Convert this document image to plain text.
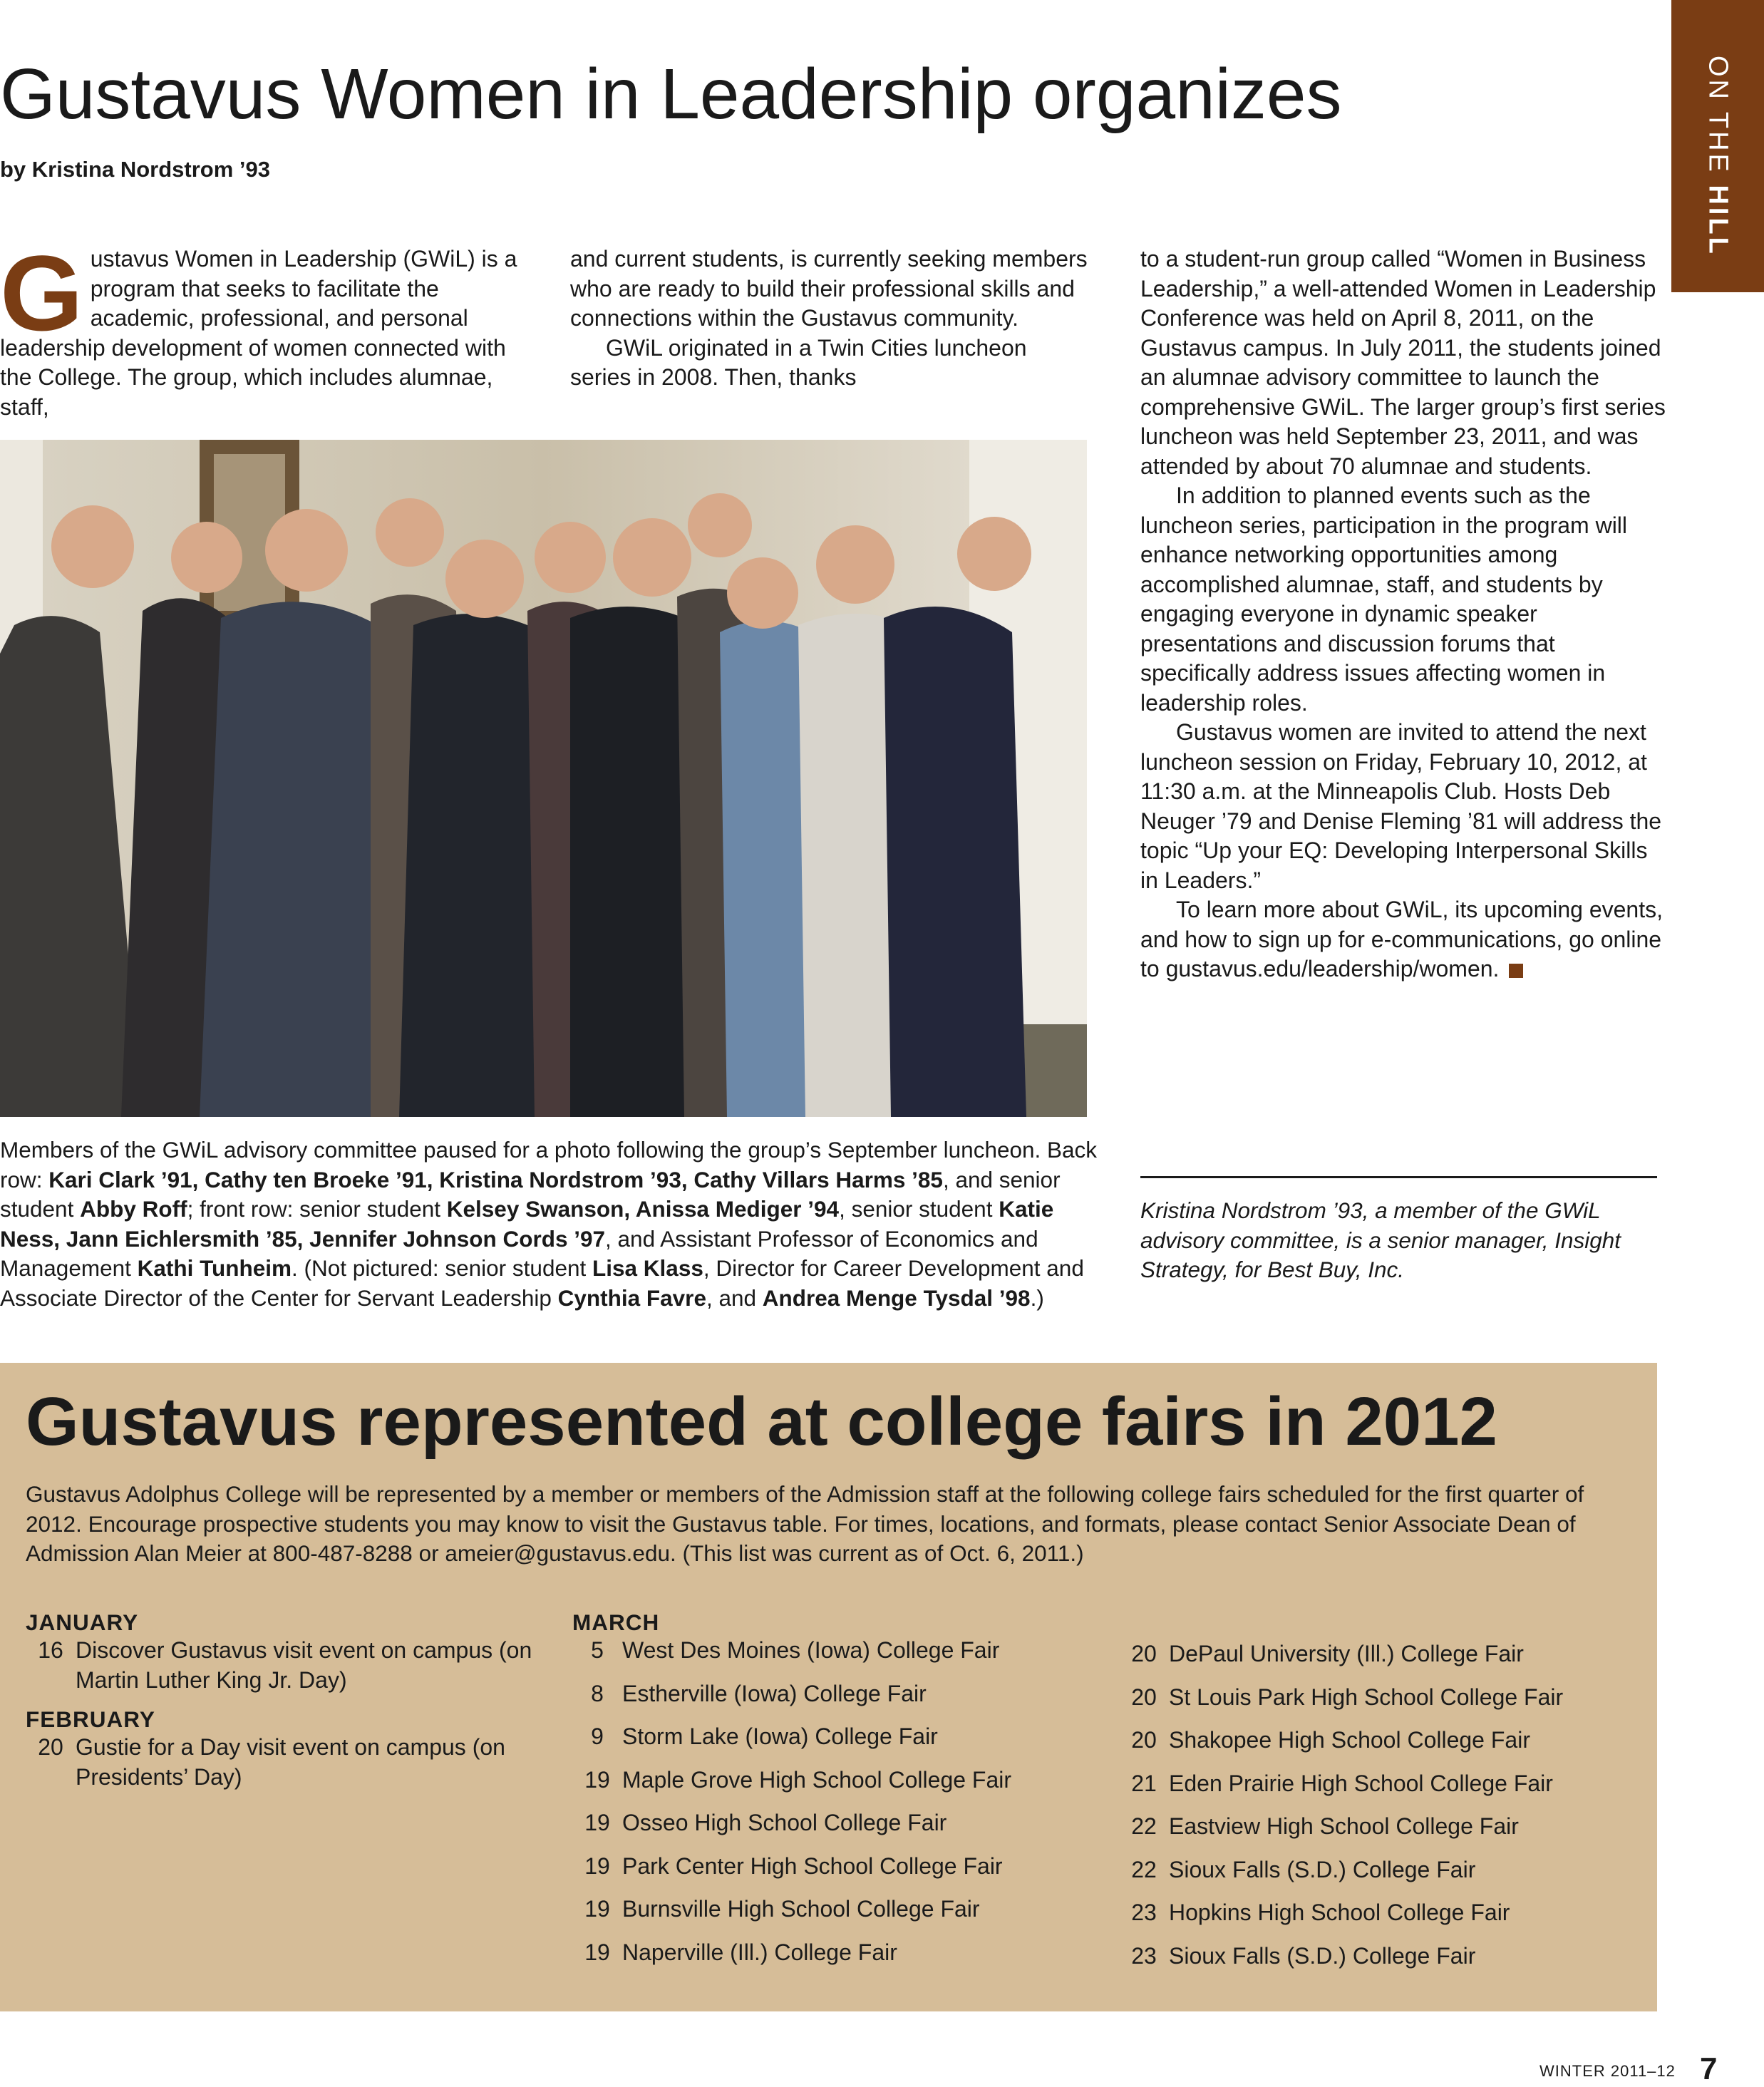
ON THE HILL
Gustavus Women in Leadership organizes
by Kristina Nordstrom ’93

Gustavus Women in Leadership (GWiL) is a program that seeks to facilitate the academic, professional, and personal leadership development of women connected with the College. The group, which includes alumnae, staff,

and current students, is currently seeking members who are ready to build their professional skills and connections within the Gustavus community.

GWiL originated in a Twin Cities luncheon series in 2008. Then, thanks

to a student-run group called “Women in Business Leadership,” a well-attended Women in Leadership Conference was held on April 8, 2011, on the Gustavus campus. In July 2011, the students joined an alumnae advisory committee to launch the comprehensive GWiL. The larger group’s first series luncheon was held September 23, 2011, and was attended by about 70 alumnae and students.

In addition to planned events such as the luncheon series, participation in the program will enhance networking opportunities among accomplished alumnae, staff, and students by engaging everyone in dynamic speaker presentations and discussion forums that specifically address issues affecting women in leadership roles.

Gustavus women are invited to attend the next luncheon session on Friday, February 10, 2012, at 11:30 a.m. at the Minneapolis Club. Hosts Deb Neuger ’79 and Denise Fleming ’81 will address the topic “Up your EQ: Developing Interpersonal Skills in Leaders.”

To learn more about GWiL, its upcoming events, and how to sign up for e-communications, go online to gustavus.edu/leadership/women.

Members of the GWiL advisory committee paused for a photo following the group’s September luncheon. Back row: Kari Clark ’91, Cathy ten Broeke ’91, Kristina Nordstrom ’93, Cathy Villars Harms ’85, and senior student Abby Roff; front row: senior student Kelsey Swanson, Anissa Mediger ’94, senior student Katie Ness, Jann Eichlersmith ’85, Jennifer Johnson Cords ’97, and Assistant Professor of Economics and Management Kathi Tunheim. (Not pictured: senior student Lisa Klass, Director for Career Development and Associate Director of the Center for Servant Leadership Cynthia Favre, and Andrea Menge Tysdal ’98.)
Kristina Nordstrom ’93, a member of the GWiL advisory committee, is a senior manager, Insight Strategy, for Best Buy, Inc.
Gustavus represented at college fairs in 2012
Gustavus Adolphus College will be represented by a member or members of the Admission staff at the following college fairs scheduled for the first quarter of 2012. Encourage prospective students you may know to visit the Gustavus table. For times, locations, and formats, please contact Senior Associate Dean of Admission Alan Meier at 800-487-8288 or ameier@gustavus.edu. (This list was current as of Oct. 6, 2011.)
JANUARY
16 Discover Gustavus visit event on campus (on Martin Luther King Jr. Day)
FEBRUARY
20 Gustie for a Day visit event on campus (on Presidents’ Day)
MARCH
5 West Des Moines (Iowa) College Fair
8 Estherville (Iowa) College Fair
9 Storm Lake (Iowa) College Fair
19 Maple Grove High School College Fair
19 Osseo High School College Fair
19 Park Center High School College Fair
19 Burnsville High School College Fair
19 Naperville (Ill.) College Fair
20 DePaul University (Ill.) College Fair
20 St Louis Park High School College Fair
20 Shakopee High School College Fair
21 Eden Prairie High School College Fair
22 Eastview High School College Fair
22 Sioux Falls (S.D.) College Fair
23 Hopkins High School College Fair
23 Sioux Falls (S.D.) College Fair
WINTER 2011–12 7
